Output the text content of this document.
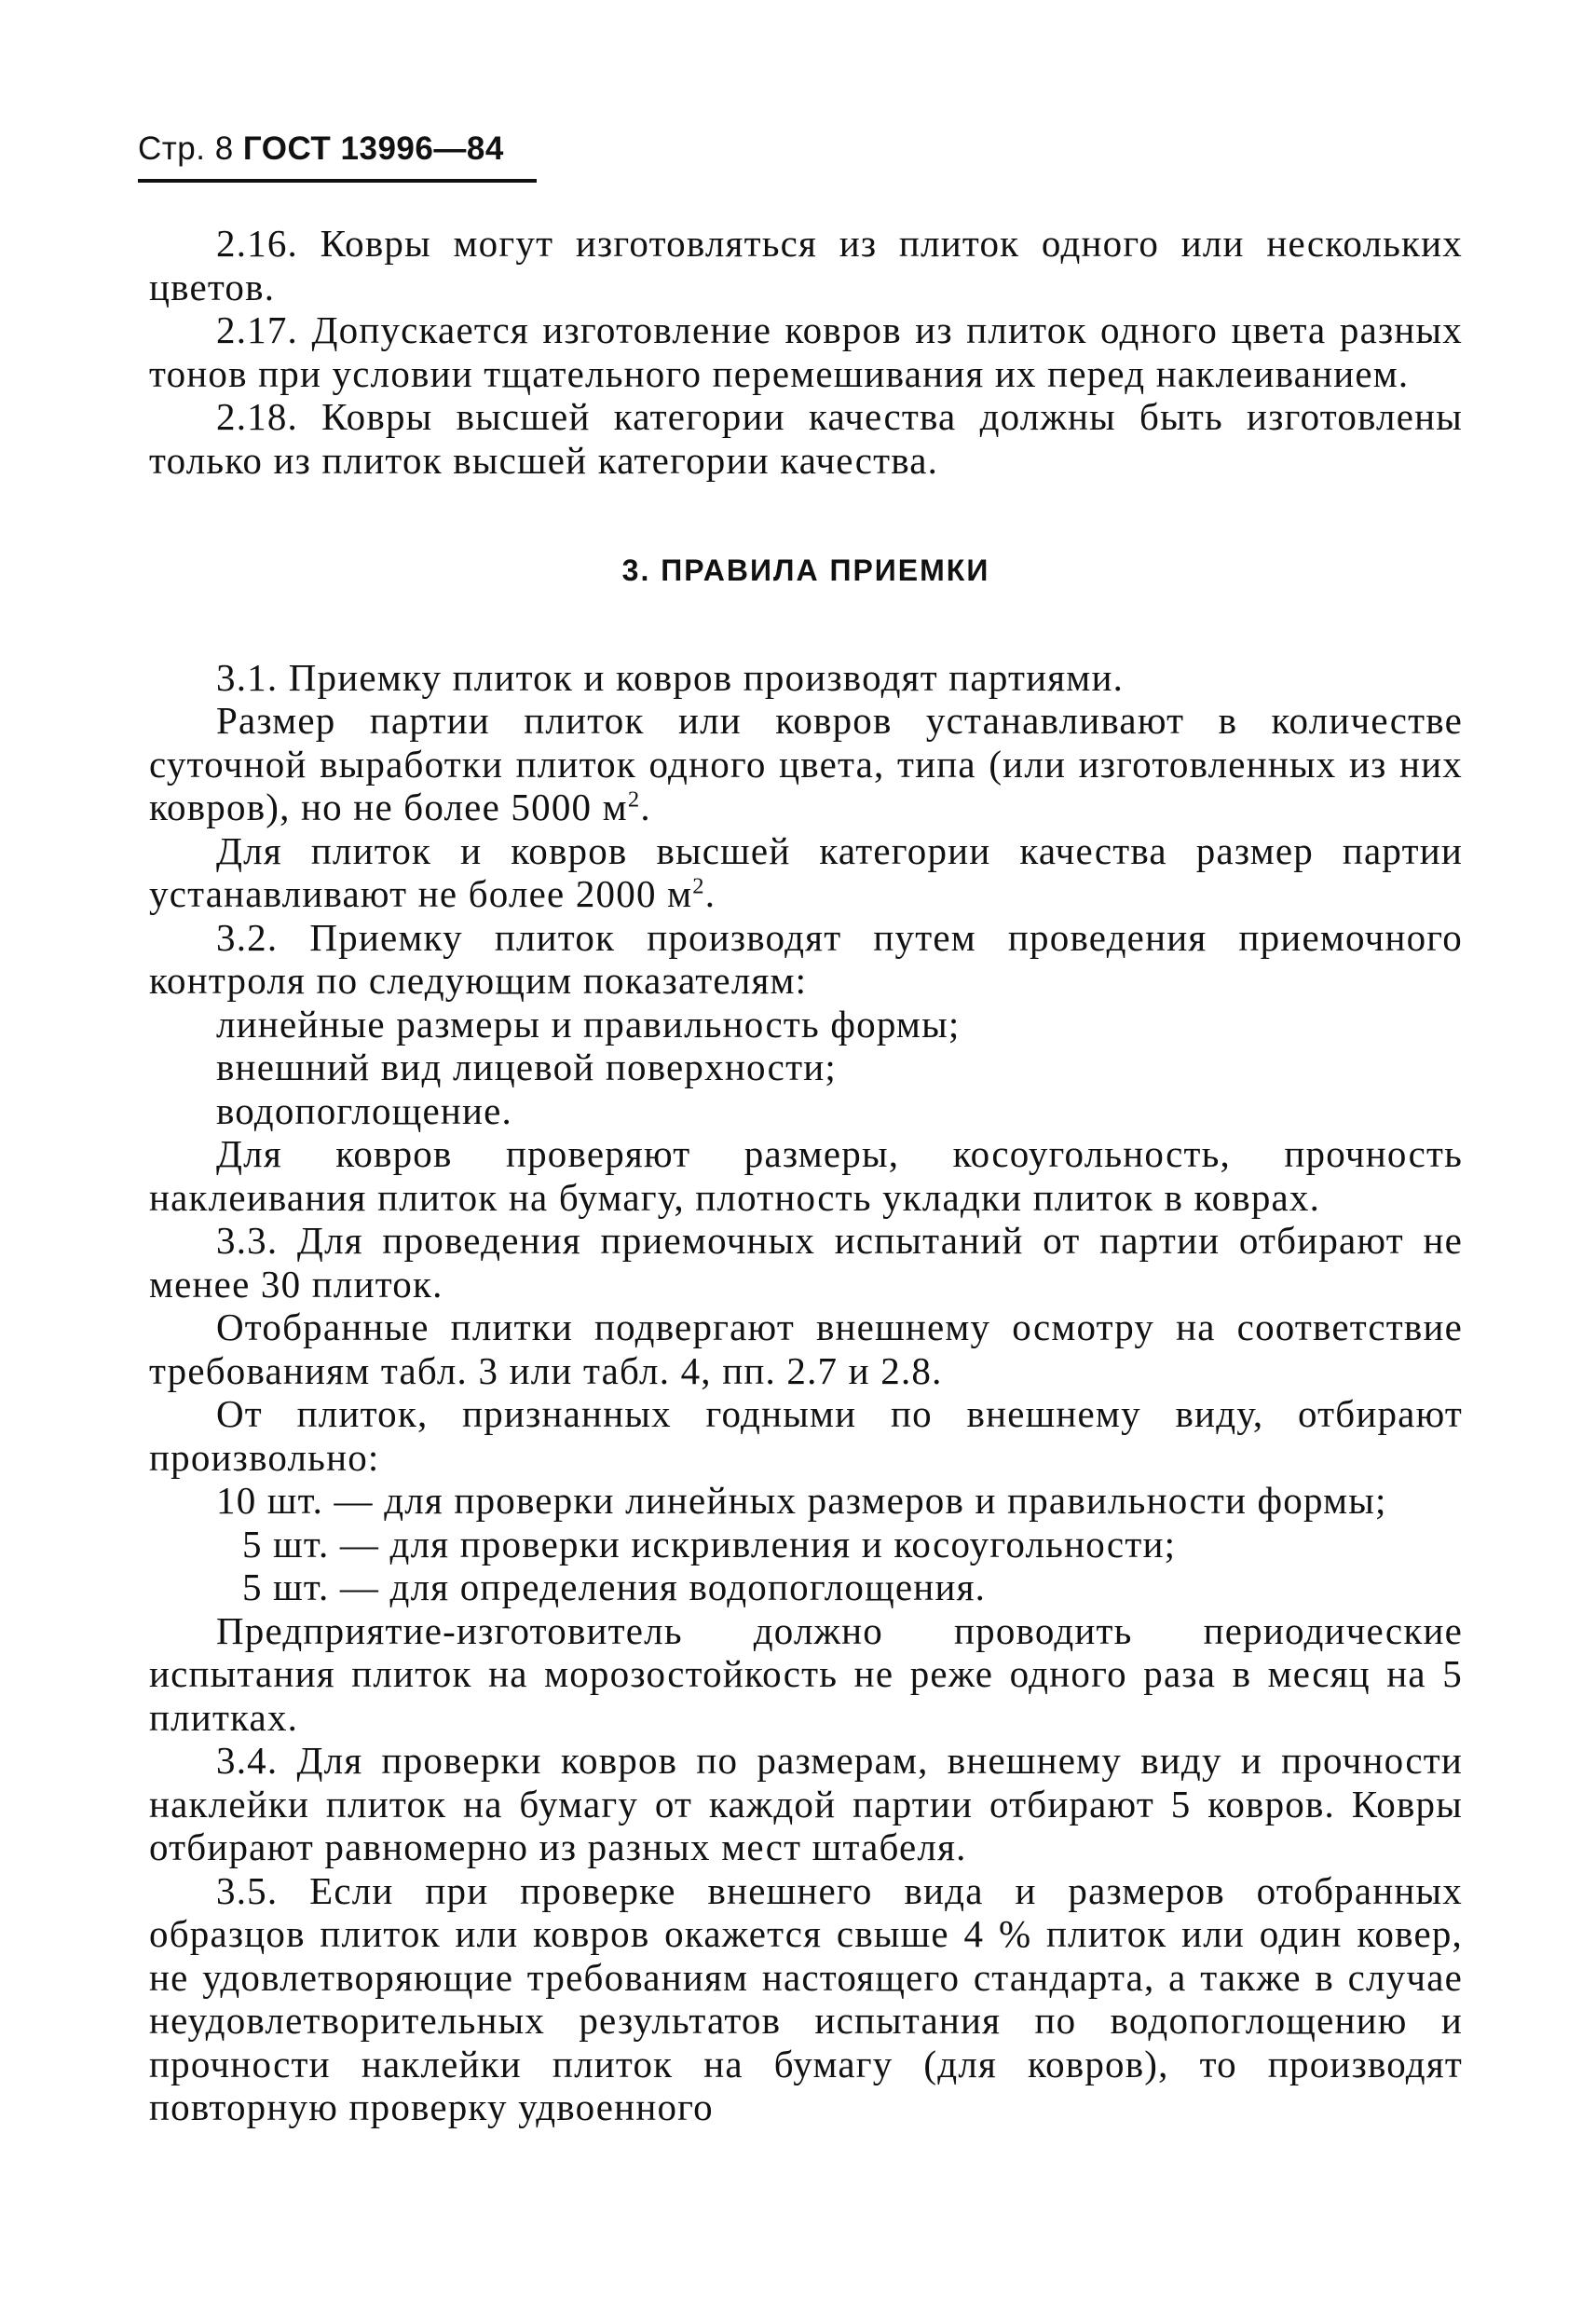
Стр. 8 ГОСТ 13996—84

2.16. Ковры могут изготовляться из плиток одного или нескольких цветов.

2.17. Допускается изготовление ковров из плиток одного цвета разных тонов при условии тщательного перемешивания их перед наклеиванием.

2.18. Ковры высшей категории качества должны быть изготовлены только из плиток высшей категории качества.

3. ПРАВИЛА ПРИЕМКИ

3.1. Приемку плиток и ковров производят партиями.

Размер партии плиток или ковров устанавливают в количестве суточной выработки плиток одного цвета, типа (или изготовленных из них ковров), но не более 5000 $м^2$.

Для плиток и ковров высшей категории качества размер партии устанавливают не более 2000 $м^2$.

3.2. Приемку плиток производят путем проведения приемочного контроля по следующим показателям:

линейные размеры и правильность формы;

внешний вид лицевой поверхности;

водопоглощение.

Для ковров проверяют размеры, косоугольность, прочность наклеивания плиток на бумагу, плотность укладки плиток в коврах.

3.3. Для проведения приемочных испытаний от партии отбирают не менее 30 плиток.

Отобранные плитки подвергают внешнему осмотру на соответствие требованиям табл. 3 или табл. 4, пп. 2.7 и 2.8.

От плиток, признанных годными по внешнему виду, отбирают произвольно:

10 шт. — для проверки линейных размеров и правильности формы;

5 шт. — для проверки искривления и косоугольности;

5 шт. — для определения водопоглощения.

Предприятие-изготовитель должно проводить периодические испытания плиток на морозостойкость не реже одного раза в месяц на 5 плитках.

3.4. Для проверки ковров по размерам, внешнему виду и прочности наклейки плиток на бумагу от каждой партии отбирают 5 ковров. Ковры отбирают равномерно из разных мест штабеля.

3.5. Если при проверке внешнего вида и размеров отобранных образцов плиток или ковров окажется свыше 4 % плиток или один ковер, не удовлетворяющие требованиям настоящего стандарта, а также в случае неудовлетворительных результатов испытания по водопоглощению и прочности наклейки плиток на бумагу (для ковров), то производят повторную проверку удвоенного
